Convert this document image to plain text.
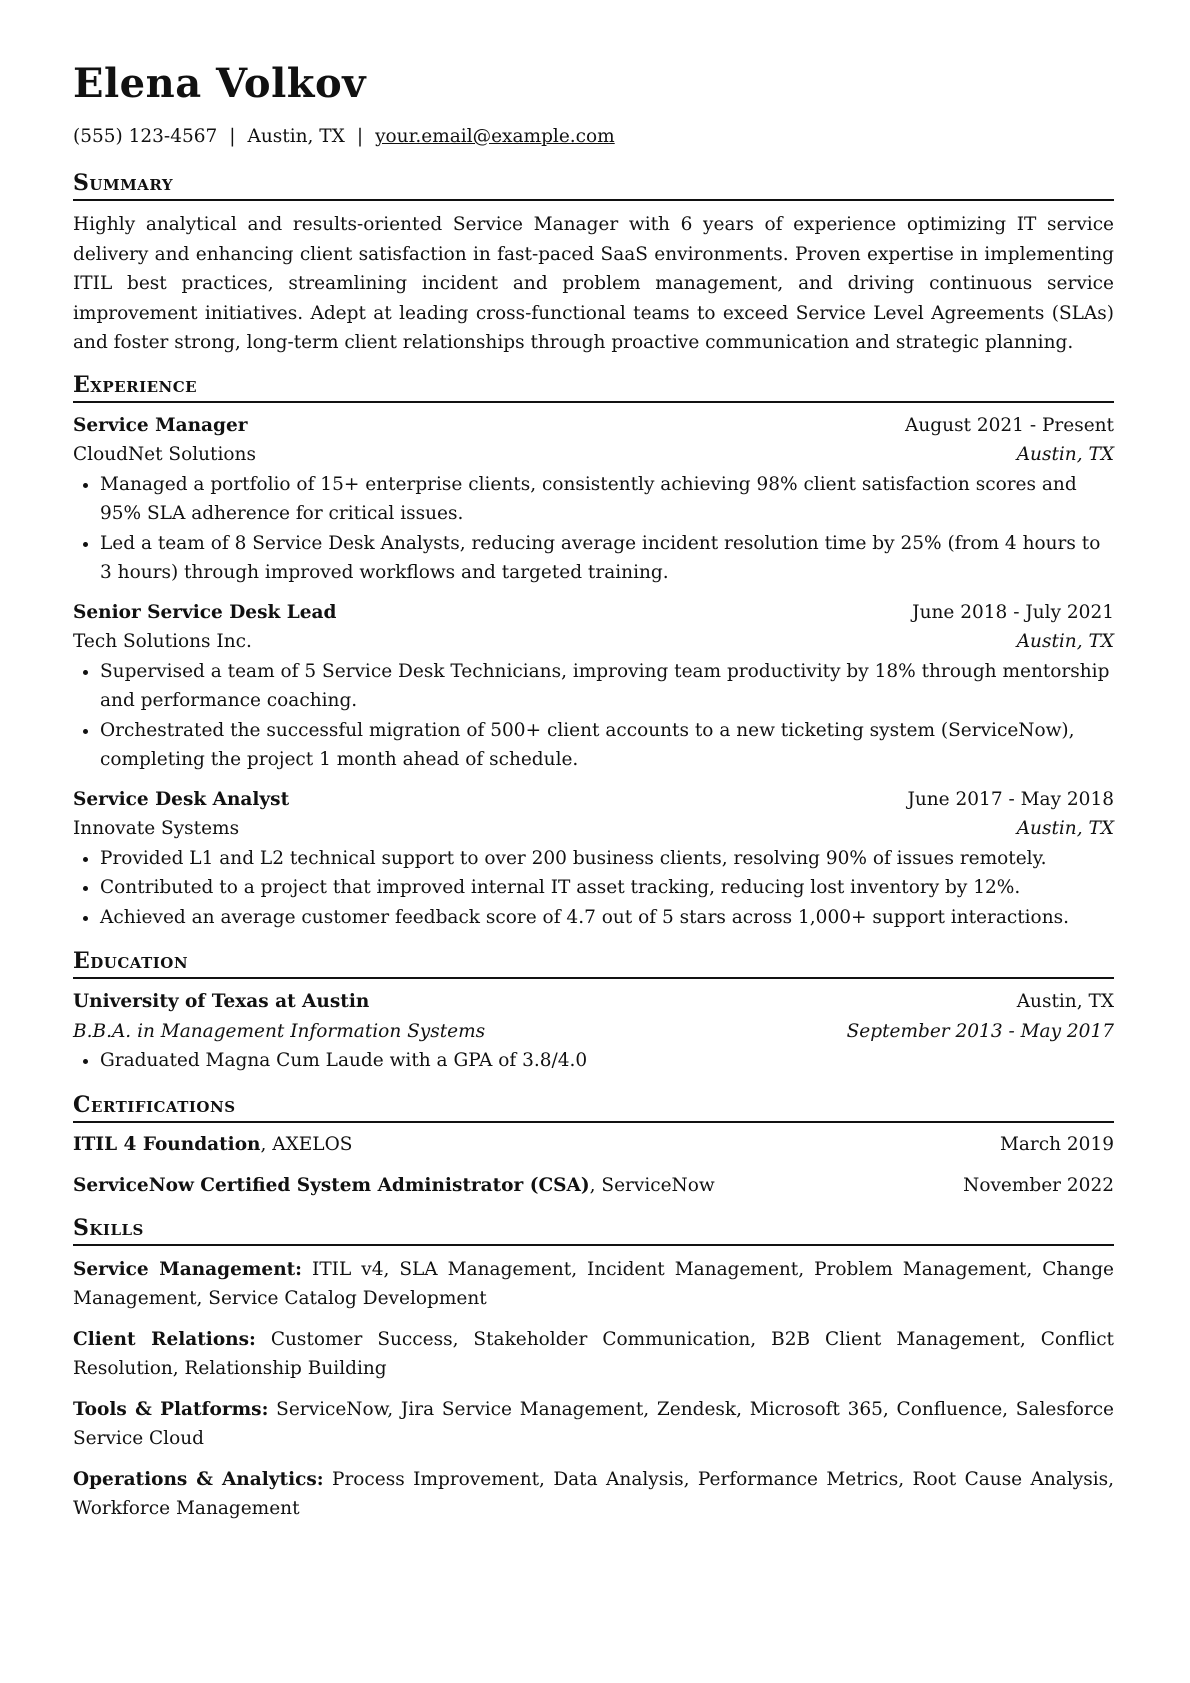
Elena Volkov
(555) 123-4567 | Austin, TX | your.email@example.com
Summary
Highly analytical and results-oriented Service Manager with 6 years of experience optimizing IT service delivery and enhancing client satisfaction in fast-paced SaaS environments. Proven expertise in implementing ITIL best practices, streamlining incident and problem management, and driving continuous service improvement initiatives. Adept at leading cross-functional teams to exceed Service Level Agreements (SLAs) and foster strong, long-term client relationships through proactive communication and strategic planning.
Experience
Service Manager	August 2021 - Present
CloudNet Solutions	Austin, TX
• Managed a portfolio of 15+ enterprise clients, consistently achieving 98% client satisfaction scores and 95% SLA adherence for critical issues.
• Led a team of 8 Service Desk Analysts, reducing average incident resolution time by 25% (from 4 hours to 3 hours) through improved workflows and targeted training.
Senior Service Desk Lead	June 2018 - July 2021
Tech Solutions Inc.	Austin, TX
• Supervised a team of 5 Service Desk Technicians, improving team productivity by 18% through mentorship and performance coaching.
• Orchestrated the successful migration of 500+ client accounts to a new ticketing system (ServiceNow), completing the project 1 month ahead of schedule.
Service Desk Analyst	June 2017 - May 2018
Innovate Systems	Austin, TX
• Provided L1 and L2 technical support to over 200 business clients, resolving 90% of issues remotely.
• Contributed to a project that improved internal IT asset tracking, reducing lost inventory by 12%.
• Achieved an average customer feedback score of 4.7 out of 5 stars across 1,000+ support interactions.
Education
University of Texas at Austin	Austin, TX
B.B.A. in Management Information Systems	September 2013 - May 2017
• Graduated Magna Cum Laude with a GPA of 3.8/4.0
Certifications
ITIL 4 Foundation, AXELOS	March 2019
ServiceNow Certified System Administrator (CSA), ServiceNow	November 2022
Skills
Service Management: ITIL v4, SLA Management, Incident Management, Problem Management, Change Management, Service Catalog Development
Client Relations: Customer Success, Stakeholder Communication, B2B Client Management, Conflict Resolution, Relationship Building
Tools & Platforms: ServiceNow, Jira Service Management, Zendesk, Microsoft 365, Confluence, Salesforce Service Cloud
Operations & Analytics: Process Improvement, Data Analysis, Performance Metrics, Root Cause Analysis, Workforce Management
